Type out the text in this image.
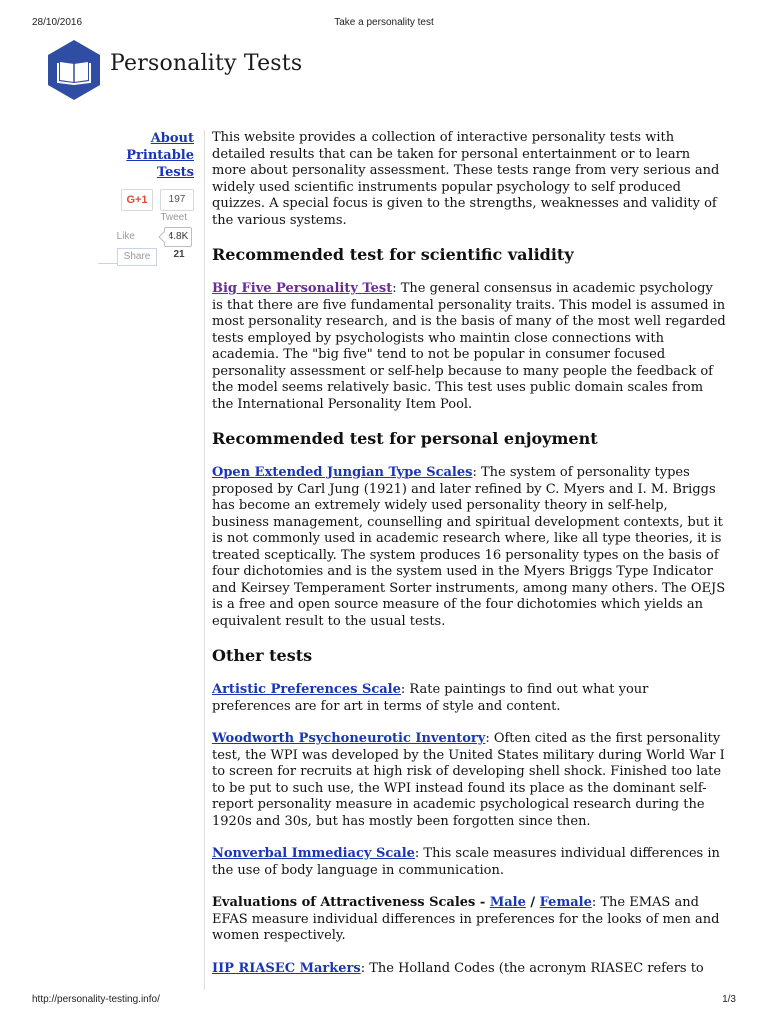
28/10/2016	Take a personality test
Personality Tests
About Printable
Tests
G+1	197
Tweet
Like	4.8K
Share	21

This website provides a collection of interactive personality tests with detailed results that can be taken for personal entertainment or to learn more about personality assessment. These tests range from very serious and widely used scientific instruments popular psychology to self produced quizzes. A special focus is given to the strengths, weaknesses and validity of the various systems.

Recommended test for scientific validity

Big Five Personality Test: The general consensus in academic psychology is that there are five fundamental personality traits. This model is assumed in most personality research, and is the basis of many of the most well regarded tests employed by psychologists who maintin close connections with academia. The "big five" tend to not be popular in consumer focused personality assessment or self-help because to many people the feedback of the model seems relatively basic. This test uses public domain scales from the International Personality Item Pool.

Recommended test for personal enjoyment

Open Extended Jungian Type Scales: The system of personality types proposed by Carl Jung (1921) and later refined by C. Myers and I. M. Briggs has become an extremely widely used personality theory in self-help, business management, counselling and spiritual development contexts, but it is not commonly used in academic research where, like all type theories, it is treated sceptically. The system produces 16 personality types on the basis of four dichotomies and is the system used in the Myers Briggs Type Indicator and Keirsey Temperament Sorter instruments, among many others. The OEJS is a free and open source measure of the four dichotomies which yields an equivalent result to the usual tests.

Other tests

Artistic Preferences Scale: Rate paintings to find out what your preferences are for art in terms of style and content.

Woodworth Psychoneurotic Inventory: Often cited as the first personality test, the WPI was developed by the United States military during World War I to screen for recruits at high risk of developing shell shock. Finished too late to be put to such use, the WPI instead found its place as the dominant self-report personality measure in academic psychological research during the 1920s and 30s, but has mostly been forgotten since then.

Nonverbal Immediacy Scale: This scale measures individual differences in the use of body language in communication.

Evaluations of Attractiveness Scales - Male / Female: The EMAS and EFAS measure individual differences in preferences for the looks of men and women respectively.

IIP RIASEC Markers: The Holland Codes (the acronym RIASEC refers to

http://personality-testing.info/	1/3
